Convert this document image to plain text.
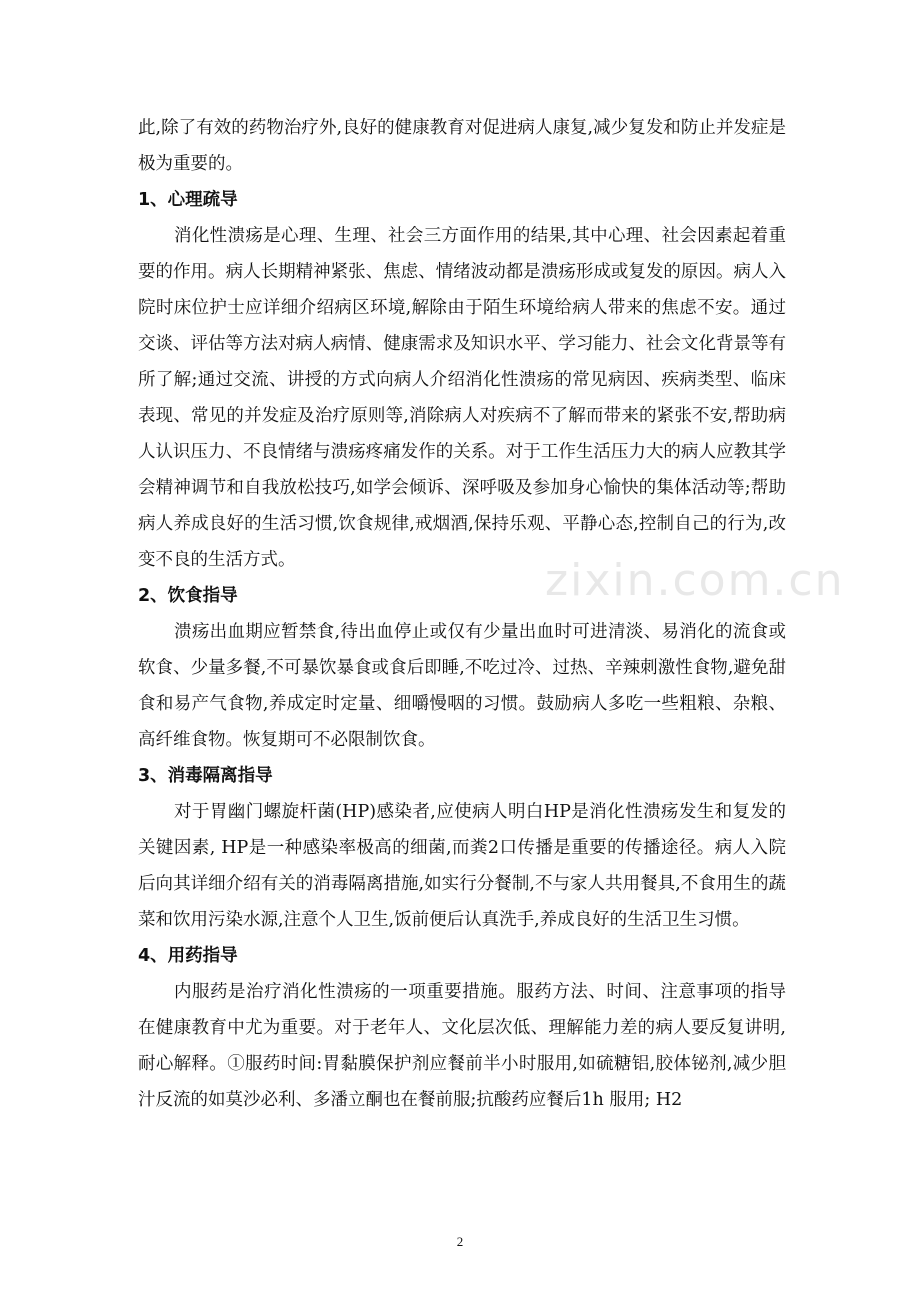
zixin.com.cn

此,除了有效的药物治疗外,良好的健康教育对促进病人康复,减少复发和防止并发症是极为重要的。

1、心理疏导

消化性溃疡是心理、生理、社会三方面作用的结果,其中心理、社会因素起着重要的作用。病人长期精神紧张、焦虑、情绪波动都是溃疡形成或复发的原因。病人入院时床位护士应详细介绍病区环境,解除由于陌生环境给病人带来的焦虑不安。通过交谈、评估等方法对病人病情、健康需求及知识水平、学习能力、社会文化背景等有所了解;通过交流、讲授的方式向病人介绍消化性溃疡的常见病因、疾病类型、临床表现、常见的并发症及治疗原则等,消除病人对疾病不了解而带来的紧张不安,帮助病人认识压力、不良情绪与溃疡疼痛发作的关系。对于工作生活压力大的病人应教其学会精神调节和自我放松技巧,如学会倾诉、深呼吸及参加身心愉快的集体活动等;帮助病人养成良好的生活习惯,饮食规律,戒烟酒,保持乐观、平静心态,控制自己的行为,改变不良的生活方式。

2、饮食指导

溃疡出血期应暂禁食,待出血停止或仅有少量出血时可进清淡、易消化的流食或软食、少量多餐,不可暴饮暴食或食后即睡,不吃过冷、过热、辛辣刺激性食物,避免甜食和易产气食物,养成定时定量、细嚼慢咽的习惯。鼓励病人多吃一些粗粮、杂粮、高纤维食物。恢复期可不必限制饮食。

3、消毒隔离指导

对于胃幽门螺旋杆菌(HP)感染者,应使病人明白HP是消化性溃疡发生和复发的关键因素, HP是一种感染率极高的细菌,而粪2口传播是重要的传播途径。病人入院后向其详细介绍有关的消毒隔离措施,如实行分餐制,不与家人共用餐具,不食用生的蔬菜和饮用污染水源,注意个人卫生,饭前便后认真洗手,养成良好的生活卫生习惯。

4、用药指导

内服药是治疗消化性溃疡的一项重要措施。服药方法、时间、注意事项的指导在健康教育中尤为重要。对于老年人、文化层次低、理解能力差的病人要反复讲明,耐心解释。①服药时间:胃黏膜保护剂应餐前半小时服用,如硫糖铝,胶体铋剂,减少胆汁反流的如莫沙必利、多潘立酮也在餐前服;抗酸药应餐后1h 服用; H2

2
